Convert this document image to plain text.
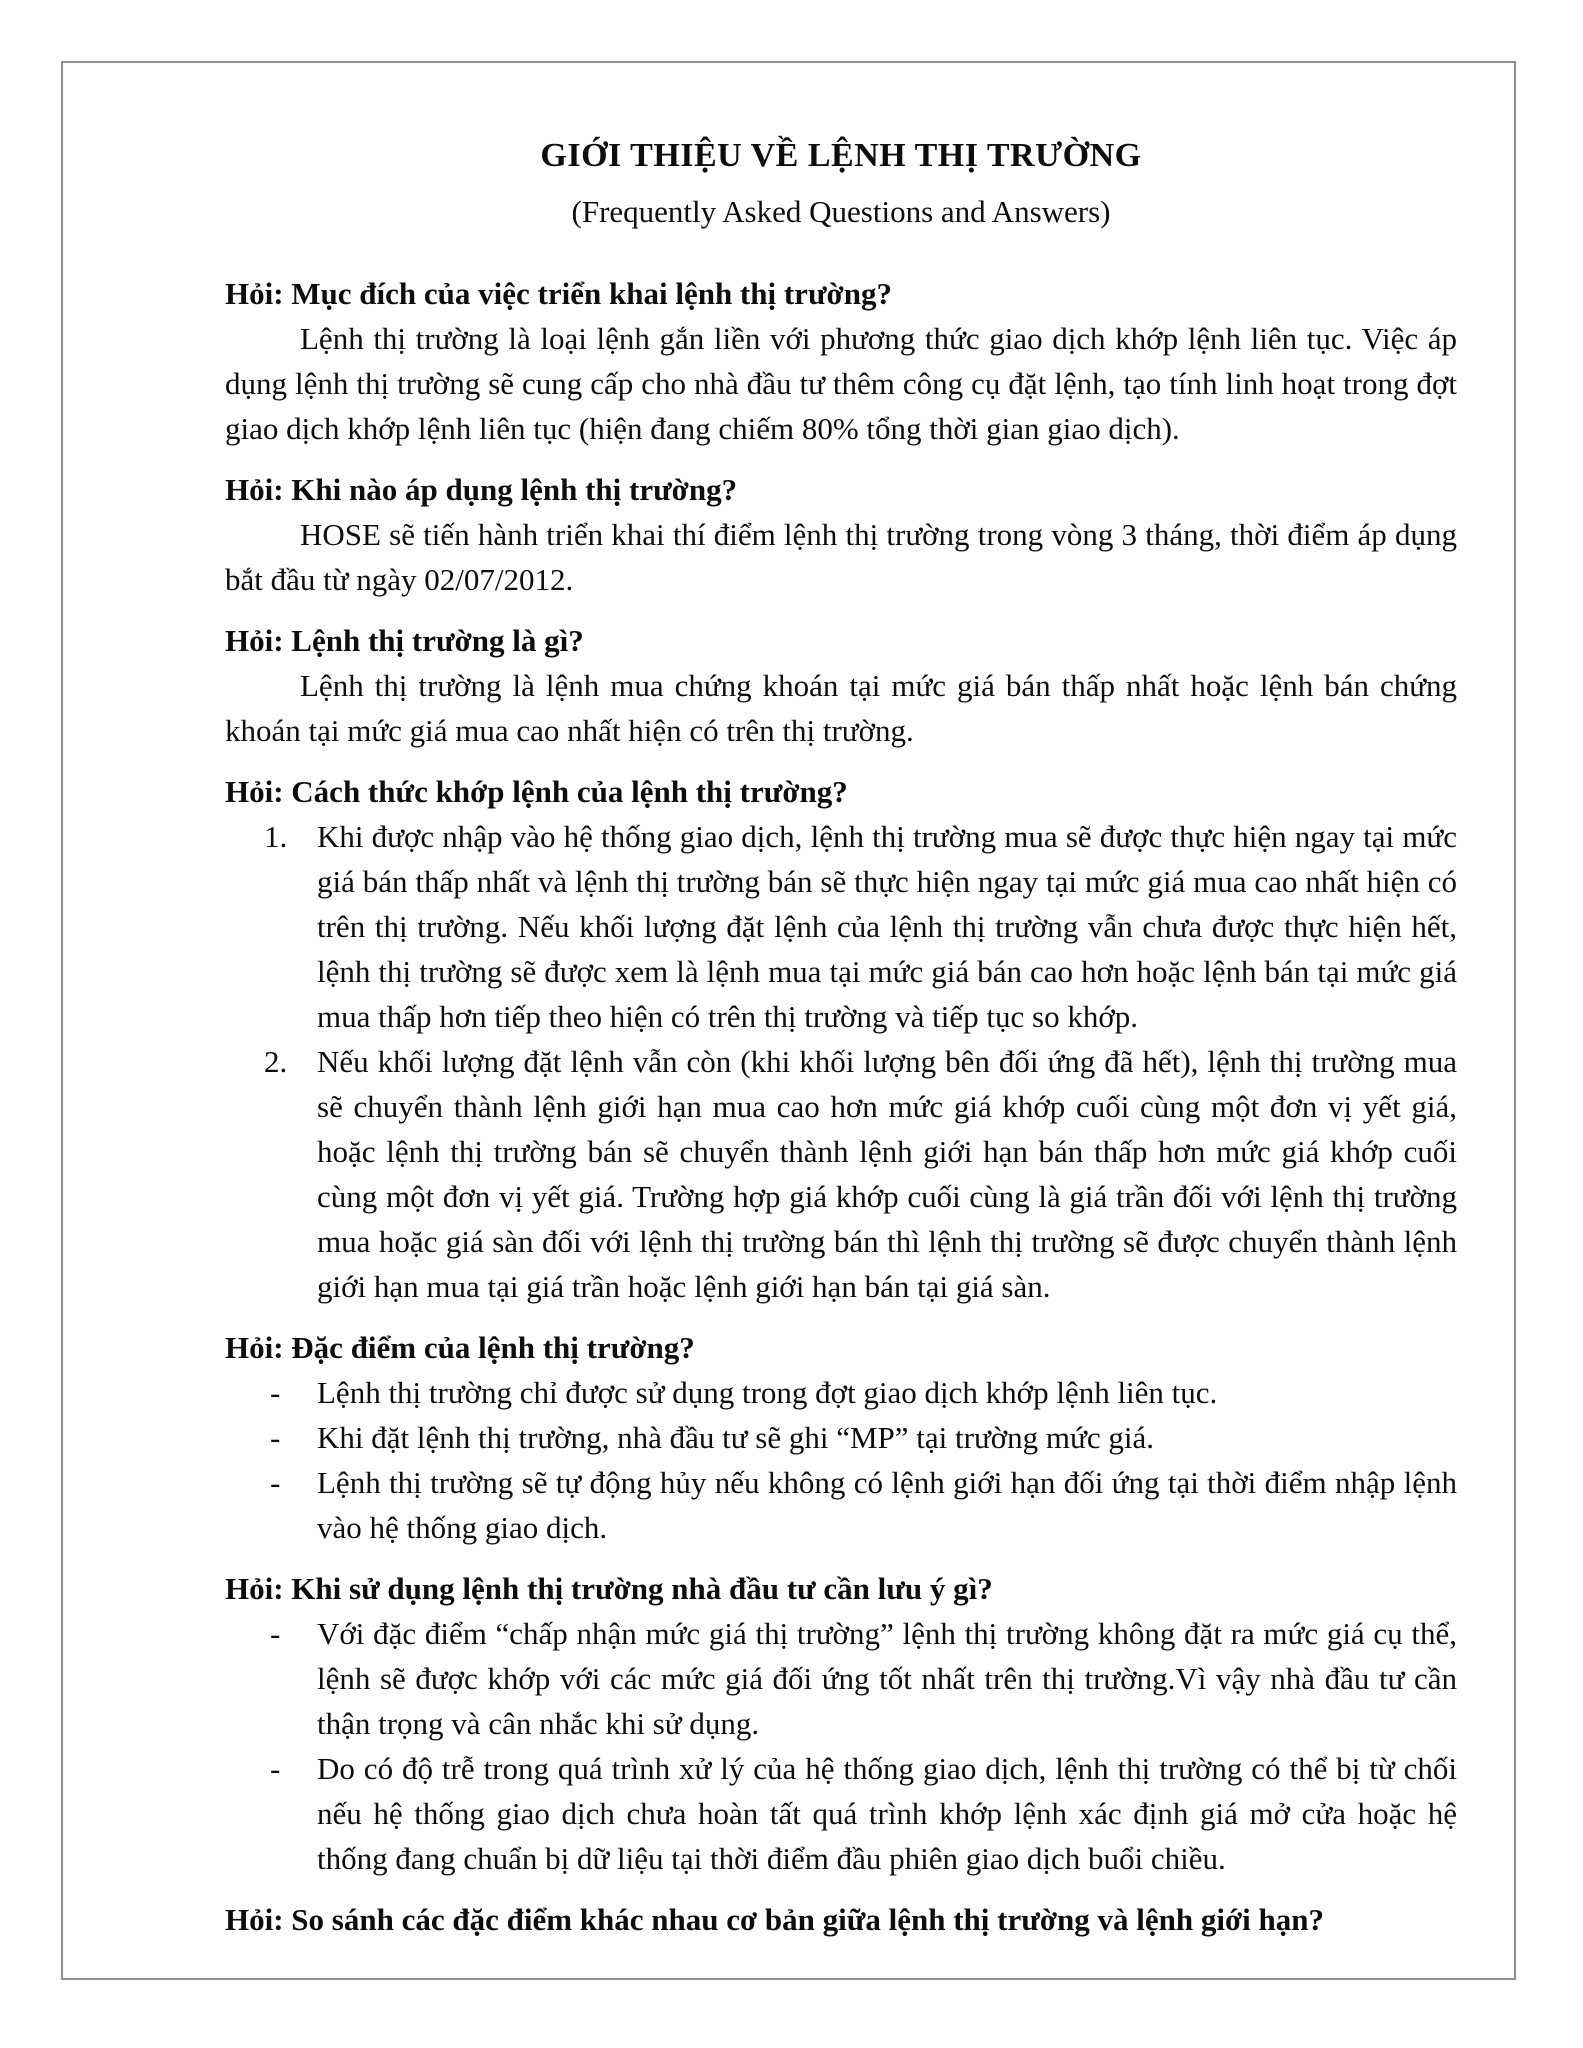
GIỚI THIỆU VỀ LỆNH THỊ TRƯỜNG
(Frequently Asked Questions and Answers)
Hỏi: Mục đích của việc triển khai lệnh thị trường?

Lệnh thị trường là loại lệnh gắn liền với phương thức giao dịch khớp lệnh liên tục. Việc áp dụng lệnh thị trường sẽ cung cấp cho nhà đầu tư thêm công cụ đặt lệnh, tạo tính linh hoạt trong đợt giao dịch khớp lệnh liên tục (hiện đang chiếm 80% tổng thời gian giao dịch).

Hỏi: Khi nào áp dụng lệnh thị trường?

HOSE sẽ tiến hành triển khai thí điểm lệnh thị trường trong vòng 3 tháng, thời điểm áp dụng bắt đầu từ ngày 02/07/2012.

Hỏi: Lệnh thị trường là gì?

Lệnh thị trường là lệnh mua chứng khoán tại mức giá bán thấp nhất hoặc lệnh bán chứng khoán tại mức giá mua cao nhất hiện có trên thị trường.

Hỏi: Cách thức khớp lệnh của lệnh thị trường?
1. Khi được nhập vào hệ thống giao dịch, lệnh thị trường mua sẽ được thực hiện ngay tại mức giá bán thấp nhất và lệnh thị trường bán sẽ thực hiện ngay tại mức giá mua cao nhất hiện có trên thị trường. Nếu khối lượng đặt lệnh của lệnh thị trường vẫn chưa được thực hiện hết, lệnh thị trường sẽ được xem là lệnh mua tại mức giá bán cao hơn hoặc lệnh bán tại mức giá mua thấp hơn tiếp theo hiện có trên thị trường và tiếp tục so khớp.
2. Nếu khối lượng đặt lệnh vẫn còn (khi khối lượng bên đối ứng đã hết), lệnh thị trường mua sẽ chuyển thành lệnh giới hạn mua cao hơn mức giá khớp cuối cùng một đơn vị yết giá, hoặc lệnh thị trường bán sẽ chuyển thành lệnh giới hạn bán thấp hơn mức giá khớp cuối cùng một đơn vị yết giá. Trường hợp giá khớp cuối cùng là giá trần đối với lệnh thị trường mua hoặc giá sàn đối với lệnh thị trường bán thì lệnh thị trường sẽ được chuyển thành lệnh giới hạn mua tại giá trần hoặc lệnh giới hạn bán tại giá sàn.
Hỏi: Đặc điểm của lệnh thị trường?
- Lệnh thị trường chỉ được sử dụng trong đợt giao dịch khớp lệnh liên tục.
- Khi đặt lệnh thị trường, nhà đầu tư sẽ ghi “MP” tại trường mức giá.
- Lệnh thị trường sẽ tự động hủy nếu không có lệnh giới hạn đối ứng tại thời điểm nhập lệnh vào hệ thống giao dịch.
Hỏi: Khi sử dụng lệnh thị trường nhà đầu tư cần lưu ý gì?
- Với đặc điểm “chấp nhận mức giá thị trường” lệnh thị trường không đặt ra mức giá cụ thể, lệnh sẽ được khớp với các mức giá đối ứng tốt nhất trên thị trường.Vì vậy nhà đầu tư cần thận trọng và cân nhắc khi sử dụng.
- Do có độ trễ trong quá trình xử lý của hệ thống giao dịch, lệnh thị trường có thể bị từ chối nếu hệ thống giao dịch chưa hoàn tất quá trình khớp lệnh xác định giá mở cửa hoặc hệ thống đang chuẩn bị dữ liệu tại thời điểm đầu phiên giao dịch buổi chiều.
Hỏi: So sánh các đặc điểm khác nhau cơ bản giữa lệnh thị trường và lệnh giới hạn?
